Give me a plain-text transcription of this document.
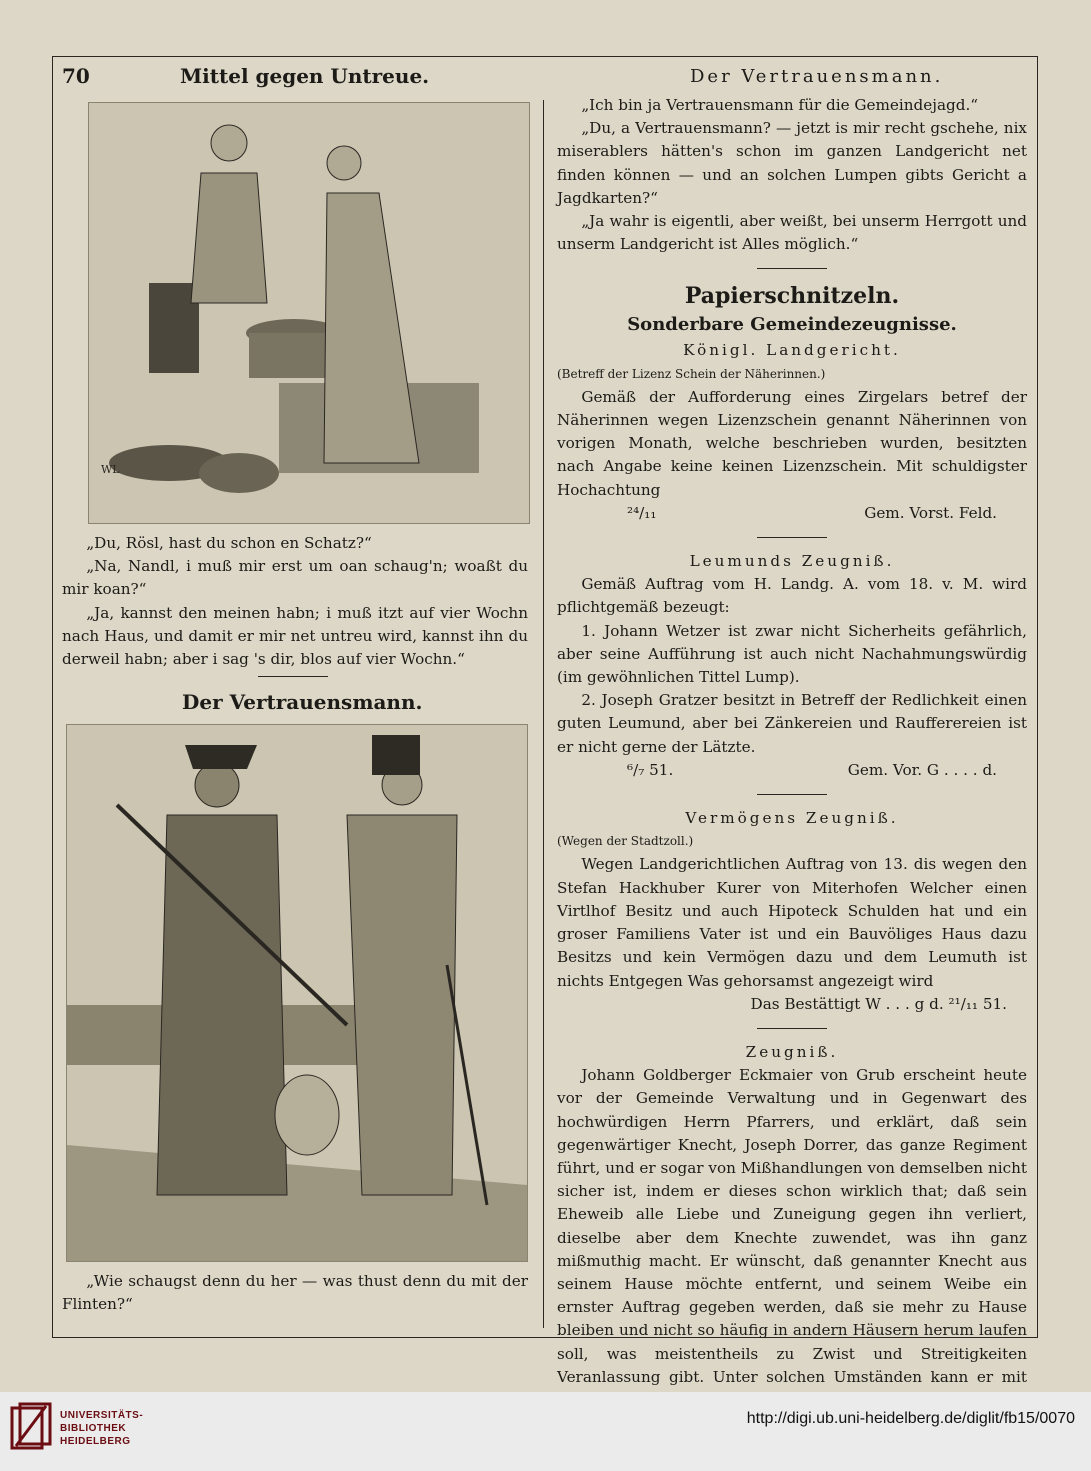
70	Mittel gegen Untreue.	Der Vertrauensmann.
WL

„Du, Rösl, hast du schon en Schatz?“

„Na, Nandl, i muß mir erst um oan schaug'n; woaßt du mir koan?“

„Ja, kannst den meinen habn; i muß itzt auf vier Wochn nach Haus, und damit er mir net untreu wird, kannst ihn du derweil habn; aber i sag 's dir, blos auf vier Wochn.“

Der Vertrauensmann.
„Wie schaugst denn du her — was thust denn du mit der Flinten?“

„Ich bin ja Vertrauensmann für die Gemeindejagd.“

„Du, a Vertrauensmann? — jetzt is mir recht gschehe, nix miserablers hätten's schon im ganzen Landgericht net finden können — und an solchen Lumpen gibts Gericht a Jagdkarten?“

„Ja wahr is eigentli, aber weißt, bei unserm Herrgott und unserm Landgericht ist Alles möglich.“

Papierschnitzeln.

Sonderbare Gemeindezeugnisse.

Königl. Landgericht.

(Betreff der Lizenz Schein der Näherinnen.)

Gemäß der Aufforderung eines Zirgelars betref der Näherinnen wegen Lizenzschein genannt Näherinnen von vorigen Monath, welche beschrieben wurden, besitzten nach Angabe keine keinen Lizenzschein. Mit schuldigster Hochachtung

²⁴/₁₁	Gem. Vorst. Feld.

Leumunds Zeugniß.

Gemäß Auftrag vom H. Landg. A. vom 18. v. M. wird pflichtgemäß bezeugt:

1. Johann Wetzer ist zwar nicht Sicherheits gefährlich, aber seine Aufführung ist auch nicht Nachahmungswürdig (im gewöhnlichen Tittel Lump).

2. Joseph Gratzer besitzt in Betreff der Redlichkeit einen guten Leumund, aber bei Zänkereien und Raufferereien ist er nicht gerne der Lätzte.

⁶/₇ 51.	Gem. Vor. G . . . . d.

Vermögens Zeugniß.

(Wegen der Stadtzoll.)

Wegen Landgerichtlichen Auftrag von 13. dis wegen den Stefan Hackhuber Kurer von Miterhofen Welcher einen Virtlhof Besitz und auch Hipoteck Schulden hat und ein groser Familiens Vater ist und ein Bauvöliges Haus dazu Besitzs und kein Vermögen dazu und dem Leumuth ist nichts Entgegen Was gehorsamst angezeigt wird

Das Bestättigt W . . . g d. ²¹/₁₁ 51.

Zeugniß.

Johann Goldberger Eckmaier von Grub erscheint heute vor der Gemeinde Verwaltung und in Gegenwart des hochwürdigen Herrn Pfarrers, und erklärt, daß sein gegenwärtiger Knecht, Joseph Dorrer, das ganze Regiment führt, und er sogar von Mißhandlungen von demselben nicht sicher ist, indem er dieses schon wirklich that; daß sein Eheweib alle Liebe und Zuneigung gegen ihn verliert, dieselbe aber dem Knechte zuwendet, was ihn ganz mißmuthig macht. Er wünscht, daß genannter Knecht aus seinem Hause möchte entfernt, und seinem Weibe ein ernster Auftrag gegeben werden, daß sie mehr zu Hause bleiben und nicht so häufig in andern Häusern herum laufen soll, was meistentheils zu Zwist und Streitigkeiten Veranlassung gibt. Unter solchen Umständen kann er mit

UNIVERSITÄTS-
BIBLIOTHEK
HEIDELBERG
http://digi.ub.uni-heidelberg.de/diglit/fb15/0070
